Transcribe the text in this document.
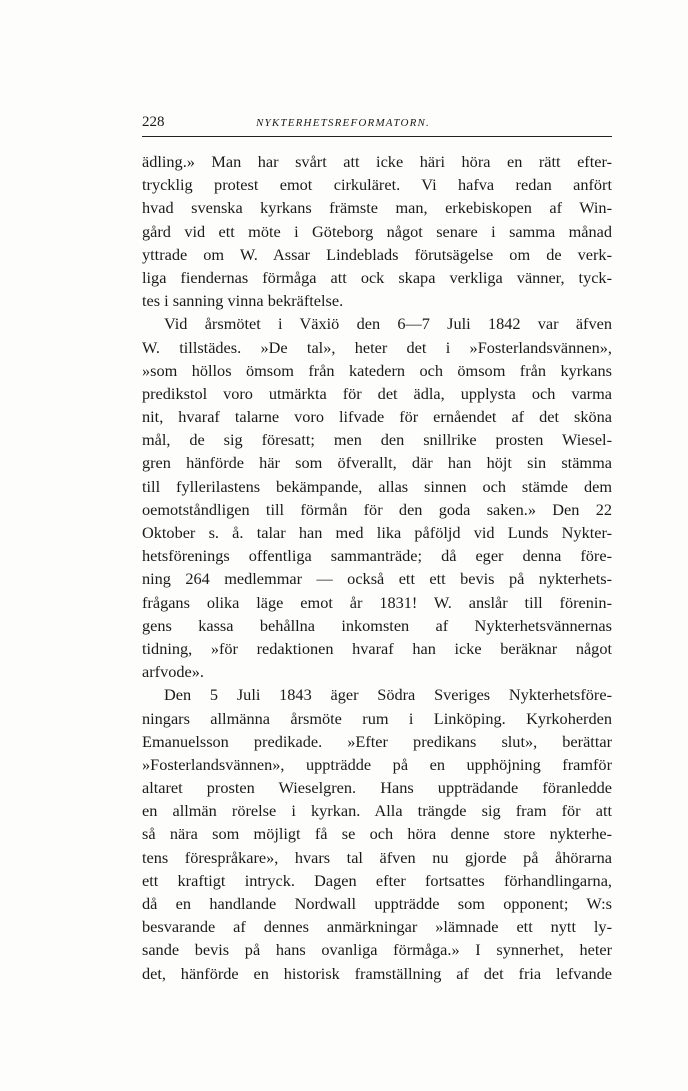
228	NYKTERHETSREFORMATORN.
ädling.» Man har svårt att icke häri höra en rätt efter-
trycklig protest emot cirkuläret. Vi hafva redan anfört
hvad svenska kyrkans främste man, erkebiskopen af Win-
gård vid ett möte i Göteborg något senare i samma månad
yttrade om W. Assar Lindeblads förutsägelse om de verk-
liga fiendernas förmåga att ock skapa verkliga vänner, tyck-
tes i sanning vinna bekräftelse.
Vid årsmötet i Växiö den 6—7 Juli 1842 var äfven
W. tillstädes. »De tal», heter det i »Fosterlandsvännen»,
»som höllos ömsom från katedern och ömsom från kyrkans
predikstol voro utmärkta för det ädla, upplysta och varma
nit, hvaraf talarne voro lifvade för ernåendet af det sköna
mål, de sig föresatt; men den snillrike prosten Wiesel-
gren hänförde här som öfverallt, där han höjt sin stämma
till fyllerilastens bekämpande, allas sinnen och stämde dem
oemotståndligen till förmån för den goda saken.» Den 22
Oktober s. å. talar han med lika påföljd vid Lunds Nykter-
hetsförenings offentliga sammanträde; då eger denna före-
ning 264 medlemmar — också ett ett bevis på nykterhets-
frågans olika läge emot år 1831! W. anslår till förenin-
gens kassa behållna inkomsten af Nykterhetsvännernas
tidning, »för redaktionen hvaraf han icke beräknar något
arfvode».
Den 5 Juli 1843 äger Södra Sveriges Nykterhetsföre-
ningars allmänna årsmöte rum i Linköping. Kyrkoherden
Emanuelsson predikade. »Efter predikans slut», berättar
»Fosterlandsvännen», uppträdde på en upphöjning framför
altaret prosten Wieselgren. Hans uppträdande föranledde
en allmän rörelse i kyrkan. Alla trängde sig fram för att
så nära som möjligt få se och höra denne store nykterhe-
tens förespråkare», hvars tal äfven nu gjorde på åhörarna
ett kraftigt intryck. Dagen efter fortsattes förhandlingarna,
då en handlande Nordwall uppträdde som opponent; W:s
besvarande af dennes anmärkningar »lämnade ett nytt ly-
sande bevis på hans ovanliga förmåga.» I synnerhet, heter
det, hänförde en historisk framställning af det fria lefvande
